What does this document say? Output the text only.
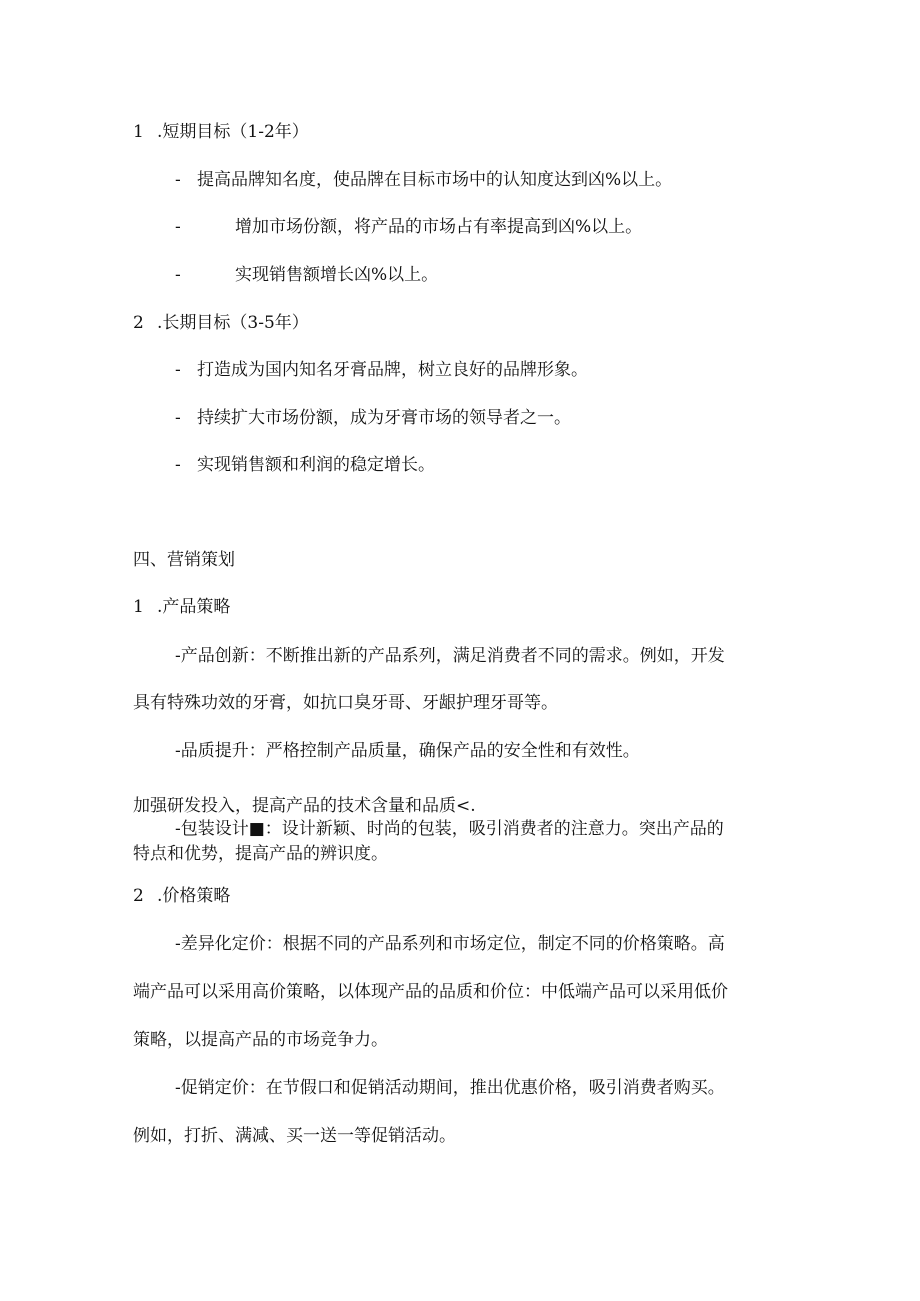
1 .短期目标（1-2年）
- 提高品牌知名度，使品牌在目标市场中的认知度达到凶%以上。
-	增加市场份额，将产品的市场占有率提高到凶%以上。
-	实现销售额增长凶%以上。
2 .长期目标（3-5年）
- 打造成为国内知名牙膏品牌，树立良好的品牌形象。
- 持续扩大市场份额，成为牙膏市场的领导者之一。
- 实现销售额和利润的稳定增长。
四、营销策划
1 .产品策略
-产品创新：不断推出新的产品系列，满足消费者不同的需求。例如，开发
具有特殊功效的牙膏，如抗口臭牙哥、牙龈护理牙哥等。
-品质提升：严格控制产品质量，确保产品的安全性和有效性。
加强研发投入，提高产品的技术含量和品质<.
-包装设计■：设计新颖、时尚的包装，吸引消费者的注意力。突出产品的
特点和优势，提高产品的辨识度。
2 .价格策略
-差异化定价：根据不同的产品系列和市场定位，制定不同的价格策略。高
端产品可以采用高价策略，以体现产品的品质和价位：中低端产品可以采用低价
策略，以提高产品的市场竞争力。
-促销定价：在节假口和促销活动期间，推出优惠价格，吸引消费者购买。
例如，打折、满减、买一送一等促销活动。
